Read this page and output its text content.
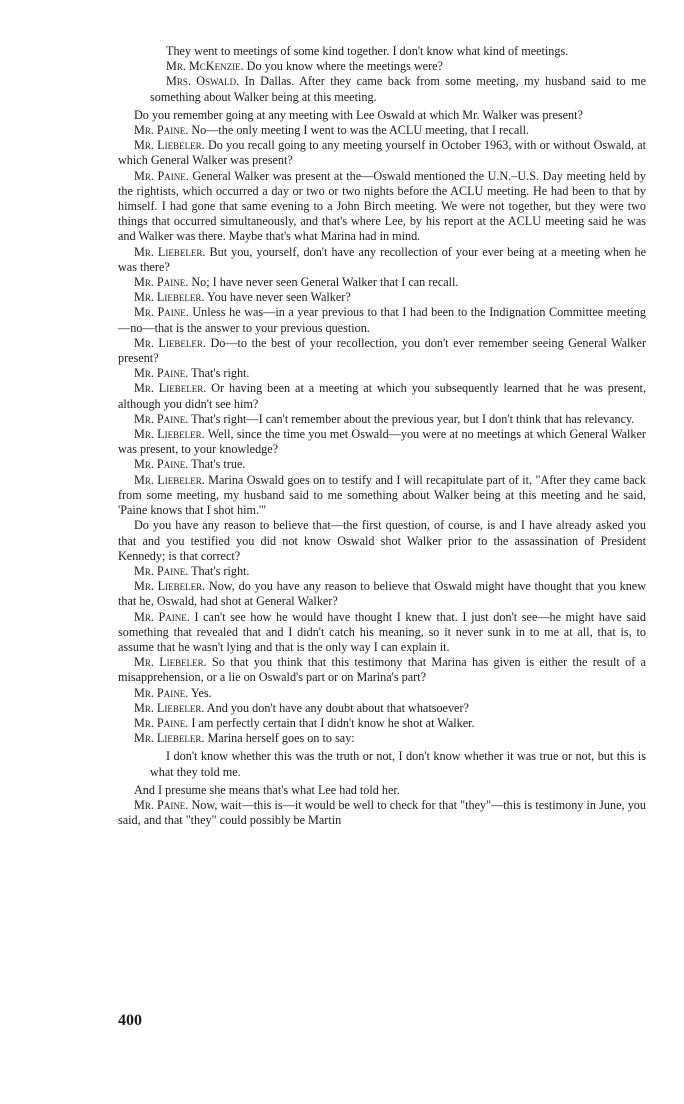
They went to meetings of some kind together. I don't know what kind of meetings.

Mr. McKenzie. Do you know where the meetings were?

Mrs. Oswald. In Dallas. After they came back from some meeting, my husband said to me something about Walker being at this meeting.

Do you remember going at any meeting with Lee Oswald at which Mr. Walker was present?

Mr. Paine. No—the only meeting I went to was the ACLU meeting, that I recall.

Mr. Liebeler. Do you recall going to any meeting yourself in October 1963, with or without Oswald, at which General Walker was present?

Mr. Paine. General Walker was present at the—Oswald mentioned the U.N.–U.S. Day meeting held by the rightists, which occurred a day or two or two nights before the ACLU meeting. He had been to that by himself. I had gone that same evening to a John Birch meeting. We were not together, but they were two things that occurred simultaneously, and that's where Lee, by his report at the ACLU meeting said he was and Walker was there. Maybe that's what Marina had in mind.

Mr. Liebeler. But you, yourself, don't have any recollection of your ever being at a meeting when he was there?

Mr. Paine. No; I have never seen General Walker that I can recall.

Mr. Liebeler. You have never seen Walker?

Mr. Paine. Unless he was—in a year previous to that I had been to the Indignation Committee meeting—no—that is the answer to your previous question.

Mr. Liebeler. Do—to the best of your recollection, you don't ever remember seeing General Walker present?

Mr. Paine. That's right.

Mr. Liebeler. Or having been at a meeting at which you subsequently learned that he was present, although you didn't see him?

Mr. Paine. That's right—I can't remember about the previous year, but I don't think that has relevancy.

Mr. Liebeler. Well, since the time you met Oswald—you were at no meetings at which General Walker was present, to your knowledge?

Mr. Paine. That's true.

Mr. Liebeler. Marina Oswald goes on to testify and I will recapitulate part of it, "After they came back from some meeting, my husband said to me something about Walker being at this meeting and he said, 'Paine knows that I shot him.'"

Do you have any reason to believe that—the first question, of course, is and I have already asked you that and you testified you did not know Oswald shot Walker prior to the assassination of President Kennedy; is that correct?

Mr. Paine. That's right.

Mr. Liebeler. Now, do you have any reason to believe that Oswald might have thought that you knew that he, Oswald, had shot at General Walker?

Mr. Paine. I can't see how he would have thought I knew that. I just don't see—he might have said something that revealed that and I didn't catch his meaning, so it never sunk in to me at all, that is, to assume that he wasn't lying and that is the only way I can explain it.

Mr. Liebeler. So that you think that this testimony that Marina has given is either the result of a misapprehension, or a lie on Oswald's part or on Marina's part?

Mr. Paine. Yes.

Mr. Liebeler. And you don't have any doubt about that whatsoever?

Mr. Paine. I am perfectly certain that I didn't know he shot at Walker.

Mr. Liebeler. Marina herself goes on to say:

I don't know whether this was the truth or not, I don't know whether it was true or not, but this is what they told me.

And I presume she means that's what Lee had told her.

Mr. Paine. Now, wait—this is—it would be well to check for that "they"—this is testimony in June, you said, and that "they" could possibly be Martin

400
